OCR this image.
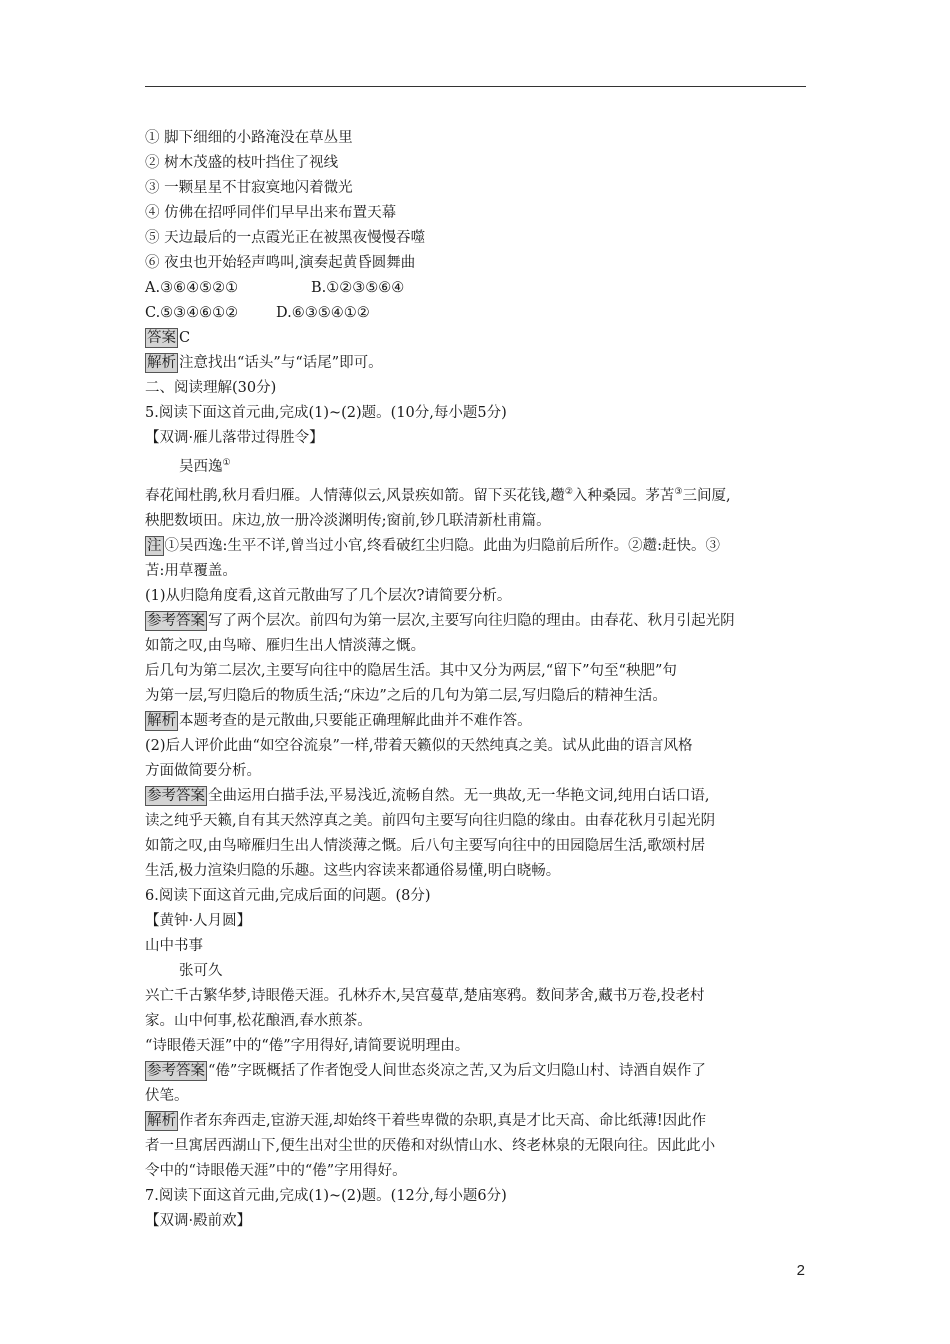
① 脚下细细的小路淹没在草丛里
② 树木茂盛的枝叶挡住了视线
③ 一颗星星不甘寂寞地闪着微光
④ 仿佛在招呼同伴们早早出来布置天幕
⑤ 天边最后的一点霞光正在被黑夜慢慢吞噬
⑥ 夜虫也开始轻声鸣叫,演奏起黄昏圆舞曲
A.③⑥④⑤②①	B.①②③⑤⑥④
C.⑤③④⑥①②	D.⑥③⑤④①②
答案 C
解析 注意找出“话头”与“话尾”即可。
二、阅读理解(30分)
5.阅读下面这首元曲,完成(1)~(2)题。(10分,每小题5分)
【双调·雁儿落带过得胜令】
吴西逸①
春花闻杜鹃,秋月看归雁。人情薄似云,风景疾如箭。留下买花钱,趱②入种桑园。茅苫③三间厦,
秧肥数顷田。床边,放一册冷淡渊明传;窗前,钞几联清新杜甫篇。
注 ①吴西逸:生平不详,曾当过小官,终看破红尘归隐。此曲为归隐前后所作。②趱:赶快。③
苫:用草覆盖。
(1)从归隐角度看,这首元散曲写了几个层次?请简要分析。
参考答案 写了两个层次。前四句为第一层次,主要写向往归隐的理由。由春花、秋月引起光阴
如箭之叹,由鸟啼、雁归生出人情淡薄之慨。
后几句为第二层次,主要写向往中的隐居生活。其中又分为两层,“留下”句至“秧肥”句
为第一层,写归隐后的物质生活;“床边”之后的几句为第二层,写归隐后的精神生活。
解析 本题考查的是元散曲,只要能正确理解此曲并不难作答。
(2)后人评价此曲“如空谷流泉”一样,带着天籁似的天然纯真之美。试从此曲的语言风格
方面做简要分析。
参考答案 全曲运用白描手法,平易浅近,流畅自然。无一典故,无一华艳文词,纯用白话口语,
读之纯乎天籁,自有其天然淳真之美。前四句主要写向往归隐的缘由。由春花秋月引起光阴
如箭之叹,由鸟啼雁归生出人情淡薄之慨。后八句主要写向往中的田园隐居生活,歌颂村居
生活,极力渲染归隐的乐趣。这些内容读来都通俗易懂,明白晓畅。
6.阅读下面这首元曲,完成后面的问题。(8分)
【黄钟·人月圆】
山中书事
张可久
兴亡千古繁华梦,诗眼倦天涯。孔林乔木,吴宫蔓草,楚庙寒鸦。数间茅舍,藏书万卷,投老村
家。山中何事,松花酿酒,春水煎茶。
“诗眼倦天涯”中的“倦”字用得好,请简要说明理由。
参考答案 “倦”字既概括了作者饱受人间世态炎凉之苦,又为后文归隐山村、诗酒自娱作了
伏笔。
解析 作者东奔西走,宦游天涯,却始终干着些卑微的杂职,真是才比天高、命比纸薄!因此作
者一旦寓居西湖山下,便生出对尘世的厌倦和对纵情山水、终老林泉的无限向往。因此此小
令中的“诗眼倦天涯”中的“倦”字用得好。
7.阅读下面这首元曲,完成(1)~(2)题。(12分,每小题6分)
【双调·殿前欢】
2
